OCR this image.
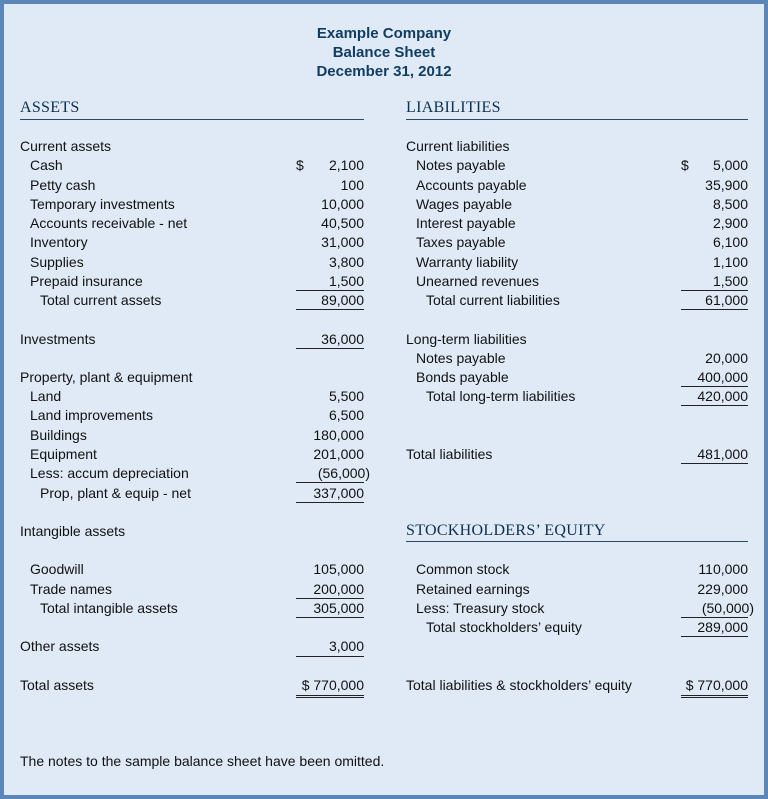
Example Company
Balance Sheet
December 31, 2012
ASSETS	LIABILITIES
Current assets
Cash	$ 2,100
Petty cash	100
Temporary investments	10,000
Accounts receivable - net	40,500
Inventory	31,000
Supplies	3,800
Prepaid insurance	1,500
Total current assets	89,000
Investments	36,000
Property, plant & equipment
Land	5,500
Land improvements	6,500
Buildings	180,000
Equipment	201,000
Less: accum depreciation	(56,000)
Prop, plant & equip - net	337,000
Intangible assets
Goodwill	105,000
Trade names	200,000
Total intangible assets	305,000
Other assets	3,000
Total assets	$ 770,000
Current liabilities
Notes payable	$ 5,000
Accounts payable	35,900
Wages payable	8,500
Interest payable	2,900
Taxes payable	6,100
Warranty liability	1,100
Unearned revenues	1,500
Total current liabilities	61,000
Long-term liabilities
Notes payable	20,000
Bonds payable	400,000
Total long-term liabilities	420,000
Total liabilities	481,000
STOCKHOLDERS’ EQUITY
Common stock	110,000
Retained earnings	229,000
Less: Treasury stock	(50,000)
Total stockholders’ equity	289,000
Total liabilities & stockholders’ equity	$ 770,000
The notes to the sample balance sheet have been omitted.
